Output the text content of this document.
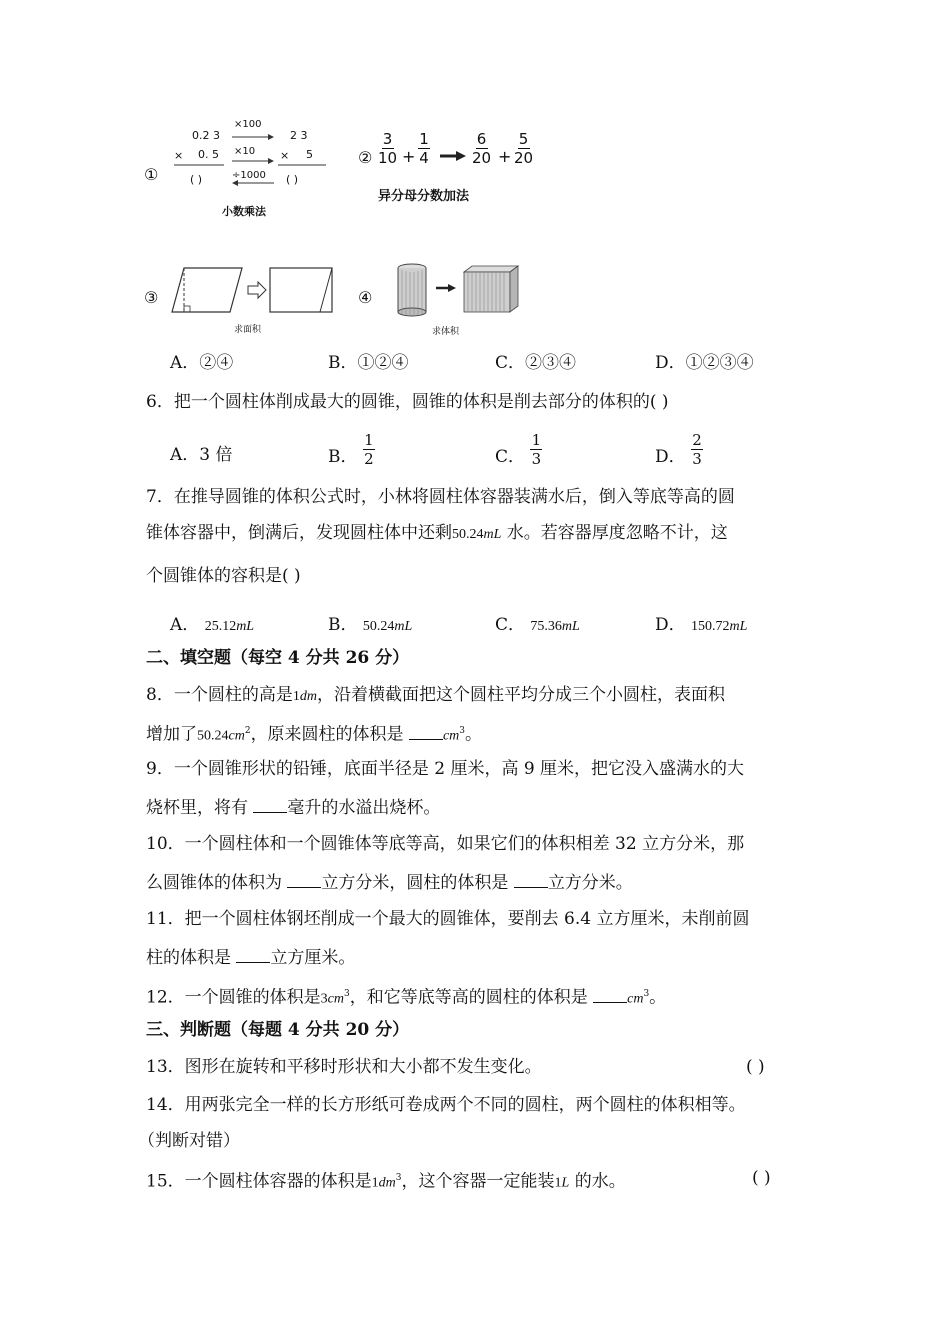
①
0.2 3
× 0. 5
( )
×100
×10
÷1000
2 3
× 5
( )
小数乘法
②
3
10 +
1
4
6
20 +
5
20
异分母分数加法
③
求面积
④
求体积
A．②④	B．①②④	C．②③④	D．①②③④
6．把一个圆柱体削成最大的圆锥，圆锥的体积是削去部分的体积的( )
A．3 倍	B． $\frac{1}{2}$	C． $\frac{1}{3}$	D． $\frac{2}{3}$
7．在推导圆锥的体积公式时，小林将圆柱体容器装满水后，倒入等底等高的圆
锥体容器中，倒满后，发现圆柱体中还剩50.24mL 水。若容器厚度忽略不计，这
个圆锥体的容积是( )
A． 25.12mL	B． 50.24mL	C． 75.36mL	D． 150.72mL
二、填空题（每空 4 分共 26 分）
8．一个圆柱的高是1dm，沿着横截面把这个圆柱平均分成三个小圆柱，表面积
增加了$50.24cm^2$，原来圆柱的体积是 $cm^3$。
9．一个圆锥形状的铅锤，底面半径是 2 厘米，高 9 厘米，把它没入盛满水的大
烧杯里，将有 毫升的水溢出烧杯。
10．一个圆柱体和一个圆锥体等底等高，如果它们的体积相差 32 立方分米，那
么圆锥体的体积为 立方分米，圆柱的体积是 立方分米。
11．把一个圆柱体钢坯削成一个最大的圆锥体，要削去 6.4 立方厘米，未削前圆
柱的体积是 立方厘米。
12．一个圆锥的体积是$3cm^3$，和它等底等高的圆柱的体积是 $cm^3$。
三、判断题（每题 4 分共 20 分）
13．图形在旋转和平移时形状和大小都不发生变化。	( )
14．用两张完全一样的长方形纸可卷成两个不同的圆柱，两个圆柱的体积相等。
（判断对错）
15．一个圆柱体容器的体积是$1dm^3$，这个容器一定能装1L 的水。	( )
